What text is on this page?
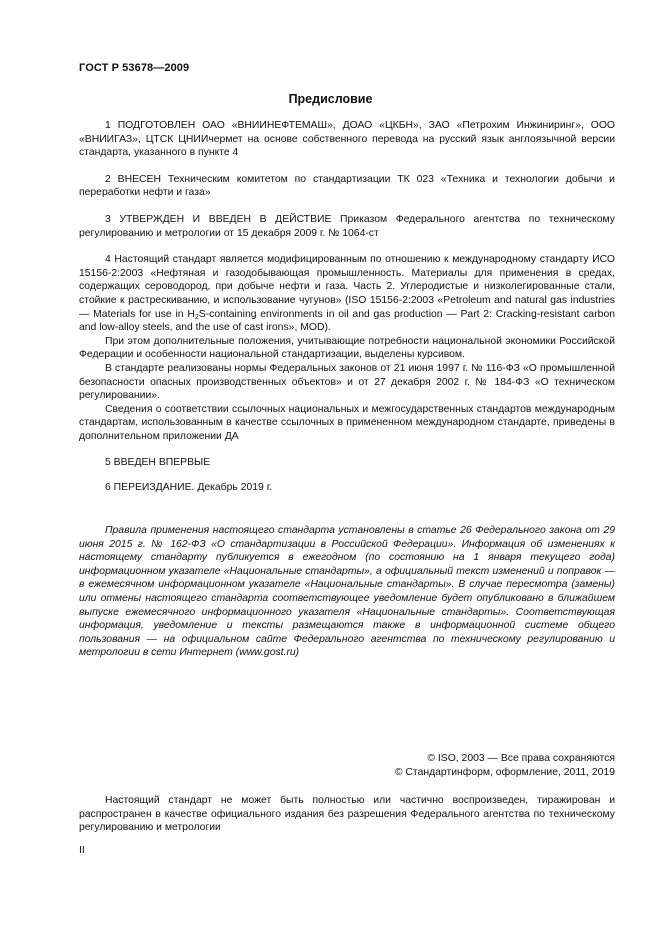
ГОСТ Р 53678—2009
Предисловие

1 ПОДГОТОВЛЕН ОАО «ВНИИНЕФТЕМАШ», ДОАО «ЦКБН», ЗАО «Петрохим Инжиниринг», ООО «ВНИИГАЗ», ЦТСК ЦНИИчермет на основе собственного перевода на русский язык англоязычной версии стандарта, указанного в пункте 4

2 ВНЕСЕН Техническим комитетом по стандартизации ТК 023 «Техника и технологии добычи и переработки нефти и газа»

3 УТВЕРЖДЕН И ВВЕДЕН В ДЕЙСТВИЕ Приказом Федерального агентства по техническому регулированию и метрологии от 15 декабря 2009 г. № 1064-ст

4 Настоящий стандарт является модифицированным по отношению к международному стандарту ИСО 15156-2:2003 «Нефтяная и газодобывающая промышленность. Материалы для применения в средах, содержащих сероводород, при добыче нефти и газа. Часть 2. Углеродистые и низколегированные стали, стойкие к растрескиванию, и использование чугунов» (ISO 15156-2:2003 «Petroleum and natural gas industries — Materials for use in $H_2S$-containing environments in oil and gas production — Part 2: Cracking-resistant carbon and low-alloy steels, and the use of cast irons», MOD).

При этом дополнительные положения, учитывающие потребности национальной экономики Российской Федерации и особенности национальной стандартизации, выделены курсивом.

В стандарте реализованы нормы Федеральных законов от 21 июня 1997 г. № 116-ФЗ «О промышленной безопасности опасных производственных объектов» и от 27 декабря 2002 г. № 184-ФЗ «О техническом регулировании».

Сведения о соответствии ссылочных национальных и межгосударственных стандартов международным стандартам, использованным в качестве ссылочных в примененном международном стандарте, приведены в дополнительном приложении ДА

5 ВВЕДЕН ВПЕРВЫЕ

6 ПЕРЕИЗДАНИЕ. Декабрь 2019 г.

Правила применения настоящего стандарта установлены в статье 26 Федерального закона от 29 июня 2015 г. № 162-ФЗ «О стандартизации в Российской Федерации». Информация об изменениях к настоящему стандарту публикуется в ежегодном (по состоянию на 1 января текущего года) информационном указателе «Национальные стандарты», а официальный текст изменений и поправок — в ежемесячном информационном указателе «Национальные стандарты». В случае пересмотра (замены) или отмены настоящего стандарта соответствующее уведомление будет опубликовано в ближайшем выпуске ежемесячного информационного указателя «Национальные стандарты». Соответствующая информация, уведомление и тексты размещаются также в информационной системе общего пользования — на официальном сайте Федерального агентства по техническому регулированию и метрологии в сети Интернет (www.gost.ru)

© ISO, 2003 — Все права сохраняются
© Стандартинформ, оформление, 2011, 2019

Настоящий стандарт не может быть полностью или частично воспроизведен, тиражирован и распространен в качестве официального издания без разрешения Федерального агентства по техническому регулированию и метрологии

II
